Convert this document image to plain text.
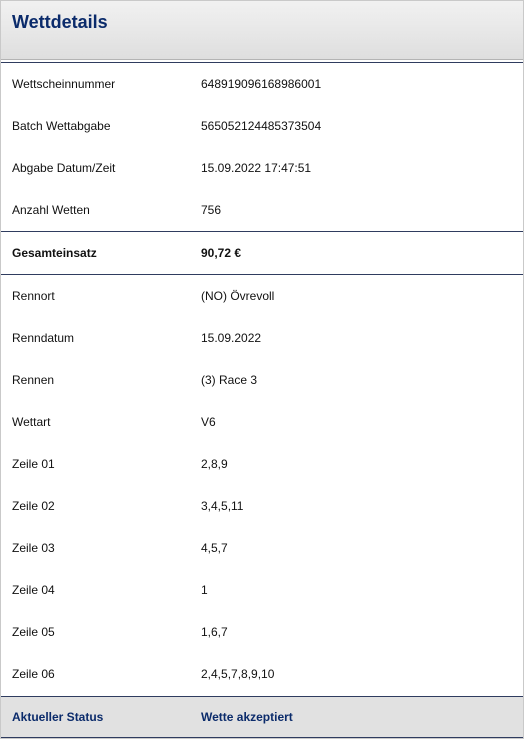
Wettdetails
Wettscheinnummer	648919096168986001
Batch Wettabgabe	565052124485373504
Abgabe Datum/Zeit	15.09.2022 17:47:51
Anzahl Wetten	756
Gesamteinsatz	90,72 €
Rennort	(NO) Övrevoll
Renndatum	15.09.2022
Rennen	(3) Race 3
Wettart	V6
Zeile 01	2,8,9
Zeile 02	3,4,5,11
Zeile 03	4,5,7
Zeile 04	1
Zeile 05	1,6,7
Zeile 06	2,4,5,7,8,9,10
Aktueller Status	Wette akzeptiert
